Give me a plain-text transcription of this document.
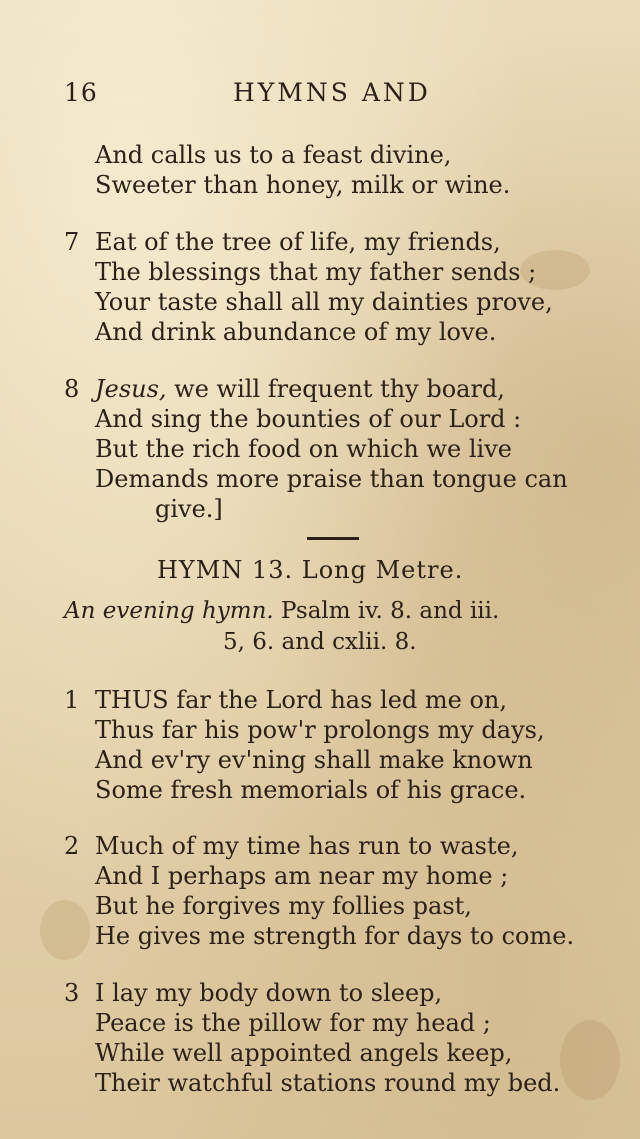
16	HYMNS AND
And calls us to a feast divine,
Sweeter than honey, milk or wine.
7 Eat of the tree of life, my friends,
The blessings that my father sends ;
Your taste shall all my dainties prove,
And drink abundance of my love.
8 Jesus, we will frequent thy board,
And sing the bounties of our Lord :
But the rich food on which we live
Demands more praise than tongue can
give.]
HYMN 13. Long Metre.
An evening hymn. Psalm iv. 8. and iii.
5, 6. and cxlii. 8.
1 THUS far the Lord has led me on,
Thus far his pow'r prolongs my days,
And ev'ry ev'ning shall make known
Some fresh memorials of his grace.
2 Much of my time has run to waste,
And I perhaps am near my home ;
But he forgives my follies past,
He gives me strength for days to come.
3 I lay my body down to sleep,
Peace is the pillow for my head ;
While well appointed angels keep,
Their watchful stations round my bed.
